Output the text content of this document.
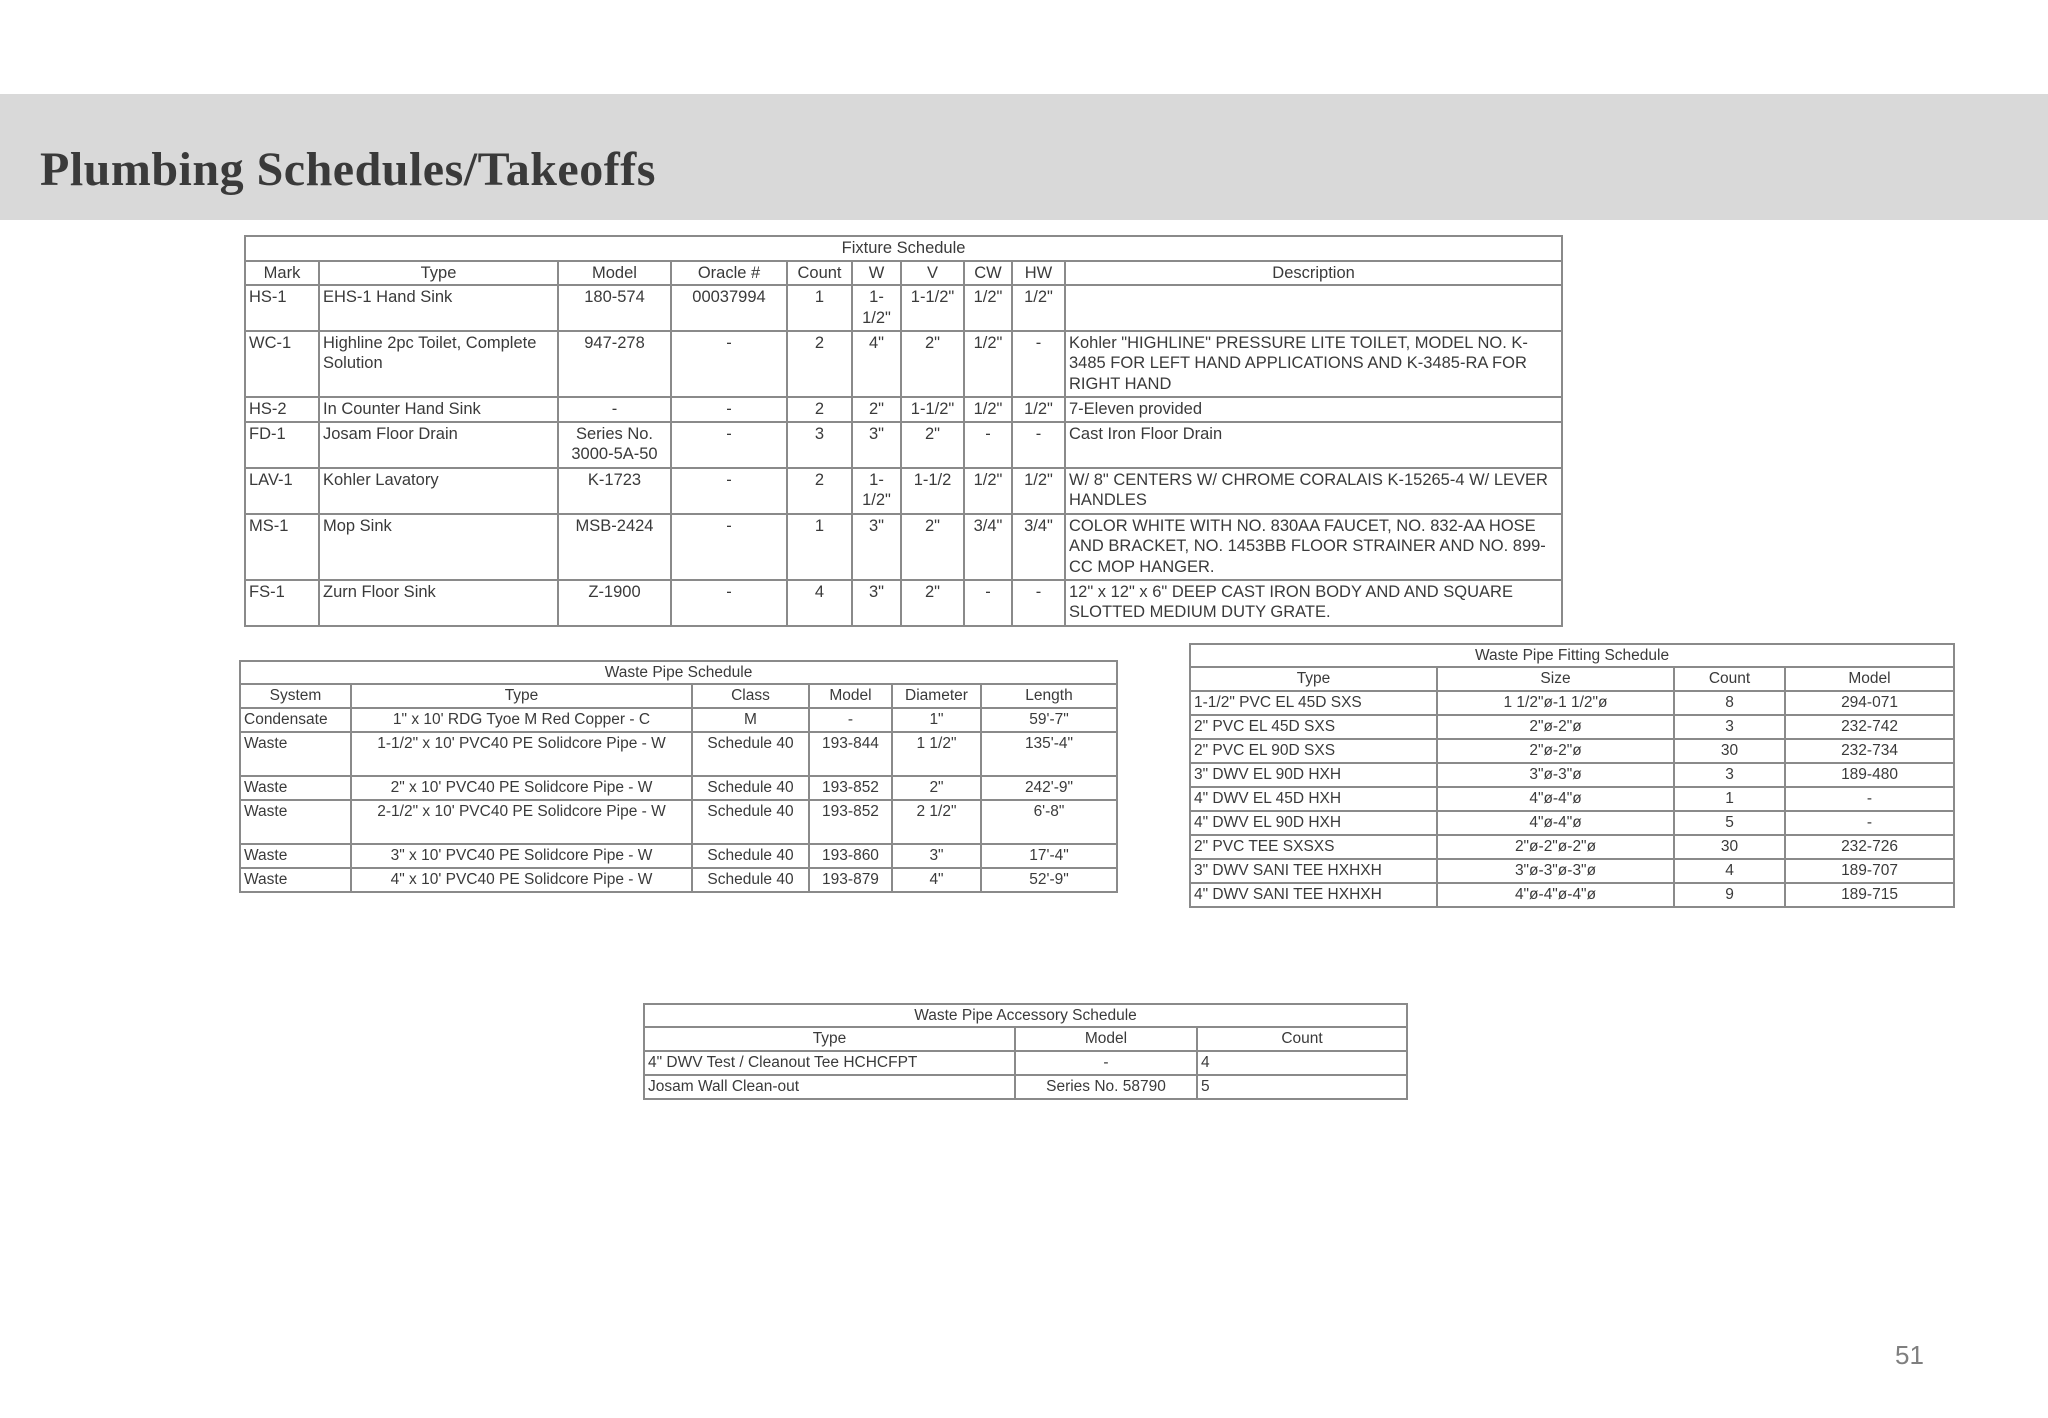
Plumbing Schedules/Takeoffs
Fixture Schedule									
Mark	Type	Model	Oracle #	Count	W	V	CW	HW	Description
HS-1	EHS-1 Hand Sink	180-574	00037994	1	1-1/2"	1-1/2"	1/2"	1/2"	
WC-1	Highline 2pc Toilet, Complete Solution	947-278	-	2	4"	2"	1/2"	-	Kohler "HIGHLINE" PRESSURE LITE TOILET, MODEL NO. K-3485 FOR LEFT HAND APPLICATIONS AND K-3485-RA FOR RIGHT HAND
HS-2	In Counter Hand Sink	-	-	2	2"	1-1/2"	1/2"	1/2"	7-Eleven provided
FD-1	Josam Floor Drain	Series No. 3000-5A-50	-	3	3"	2"	-	-	Cast Iron Floor Drain
LAV-1	Kohler Lavatory	K-1723	-	2	1-1/2"	1-1/2	1/2"	1/2"	W/ 8" CENTERS W/ CHROME CORALAIS K-15265-4 W/ LEVER HANDLES
MS-1	Mop Sink	MSB-2424	-	1	3"	2"	3/4"	3/4"	COLOR WHITE WITH NO. 830AA FAUCET, NO. 832-AA HOSE AND BRACKET, NO. 1453BB FLOOR STRAINER AND NO. 899-CC MOP HANGER.
FS-1	Zurn Floor Sink	Z-1900	-	4	3"	2"	-	-	12" x 12" x 6" DEEP CAST IRON BODY AND AND SQUARE SLOTTED MEDIUM DUTY GRATE.
Waste Pipe Schedule					
System	Type	Class	Model	Diameter	Length
Condensate	1" x 10' RDG Tyoe M Red Copper - C	M	-	1"	59'-7"
Waste	1-1/2" x 10' PVC40 PE Solidcore Pipe - W	Schedule 40	193-844	1 1/2"	135'-4"
Waste	2" x 10' PVC40 PE Solidcore Pipe - W	Schedule 40	193-852	2"	242'-9"
Waste	2-1/2" x 10' PVC40 PE Solidcore Pipe - W	Schedule 40	193-852	2 1/2"	6'-8"
Waste	3" x 10' PVC40 PE Solidcore Pipe - W	Schedule 40	193-860	3"	17'-4"
Waste	4" x 10' PVC40 PE Solidcore Pipe - W	Schedule 40	193-879	4"	52'-9"
Waste Pipe Fitting Schedule			
Type	Size	Count	Model
1-1/2" PVC EL 45D SXS	1 1/2"ø-1 1/2"ø	8	294-071
2" PVC EL 45D SXS	2"ø-2"ø	3	232-742
2" PVC EL 90D SXS	2"ø-2"ø	30	232-734
3" DWV EL 90D HXH	3"ø-3"ø	3	189-480
4" DWV EL 45D HXH	4"ø-4"ø	1	-
4" DWV EL 90D HXH	4"ø-4"ø	5	-
2" PVC TEE SXSXS	2"ø-2"ø-2"ø	30	232-726
3" DWV SANI TEE HXHXH	3"ø-3"ø-3"ø	4	189-707
4" DWV SANI TEE HXHXH	4"ø-4"ø-4"ø	9	189-715
Waste Pipe Accessory Schedule		
Type	Model	Count
4" DWV Test / Cleanout Tee HCHCFPT	-	4
Josam Wall Clean-out	Series No. 58790	5
51
